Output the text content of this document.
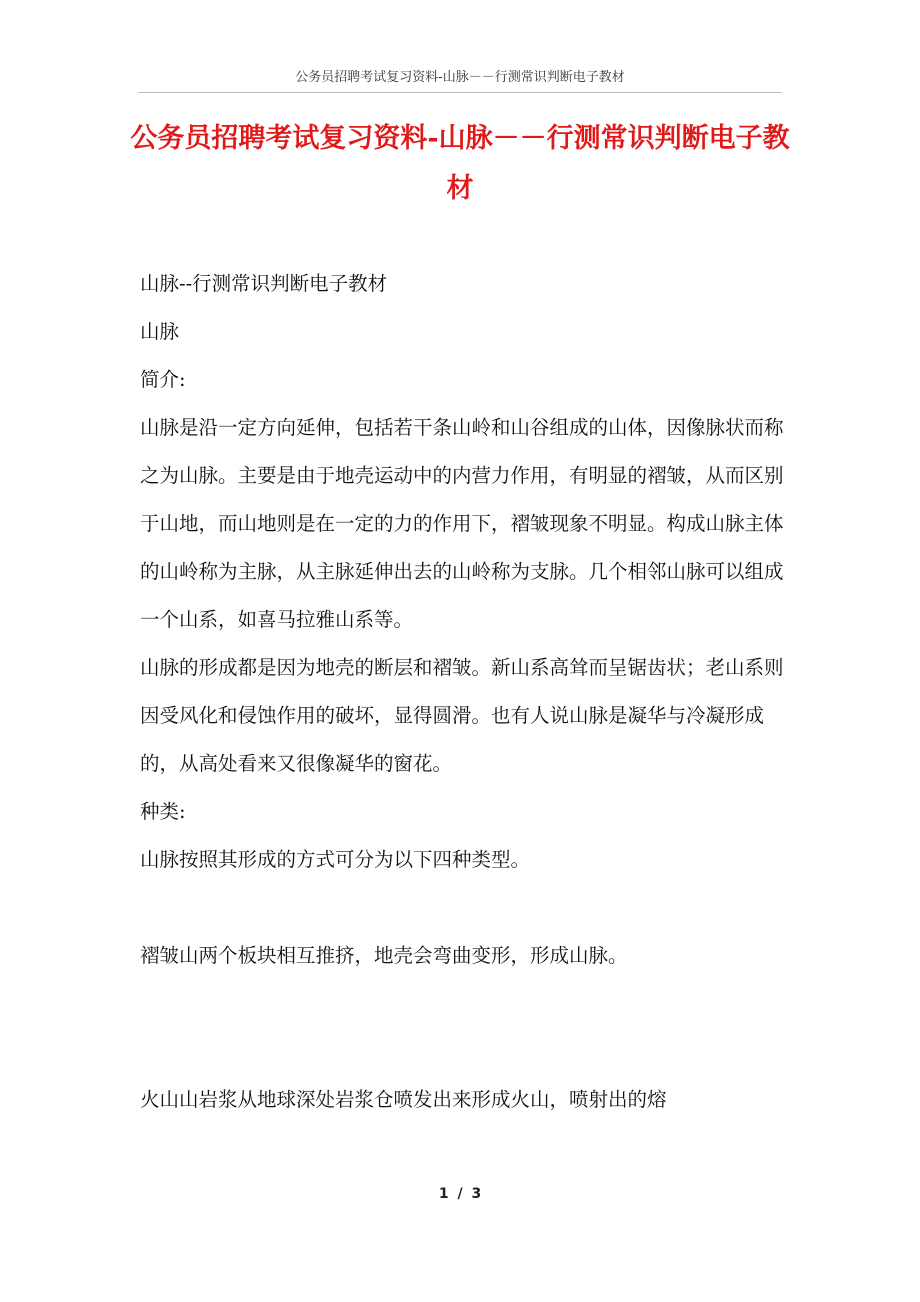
公务员招聘考试复习资料-山脉－－行测常识判断电子教材
公务员招聘考试复习资料-山脉－－行测常识判断电子教材

山脉--行测常识判断电子教材

山脉

简介:

山脉是沿一定方向延伸，包括若干条山岭和山谷组成的山体，因像脉状而称之为山脉。主要是由于地壳运动中的内营力作用，有明显的褶皱，从而区别于山地，而山地则是在一定的力的作用下，褶皱现象不明显。构成山脉主体的山岭称为主脉，从主脉延伸出去的山岭称为支脉。几个相邻山脉可以组成一个山系，如喜马拉雅山系等。

山脉的形成都是因为地壳的断层和褶皱。新山系高耸而呈锯齿状；老山系则因受风化和侵蚀作用的破坏，显得圆滑。也有人说山脉是凝华与冷凝形成的，从高处看来又很像凝华的窗花。

种类:

山脉按照其形成的方式可分为以下四种类型。

褶皱山两个板块相互推挤，地壳会弯曲变形，形成山脉。

火山山岩浆从地球深处岩浆仓喷发出来形成火山，喷射出的熔

1 / 3
